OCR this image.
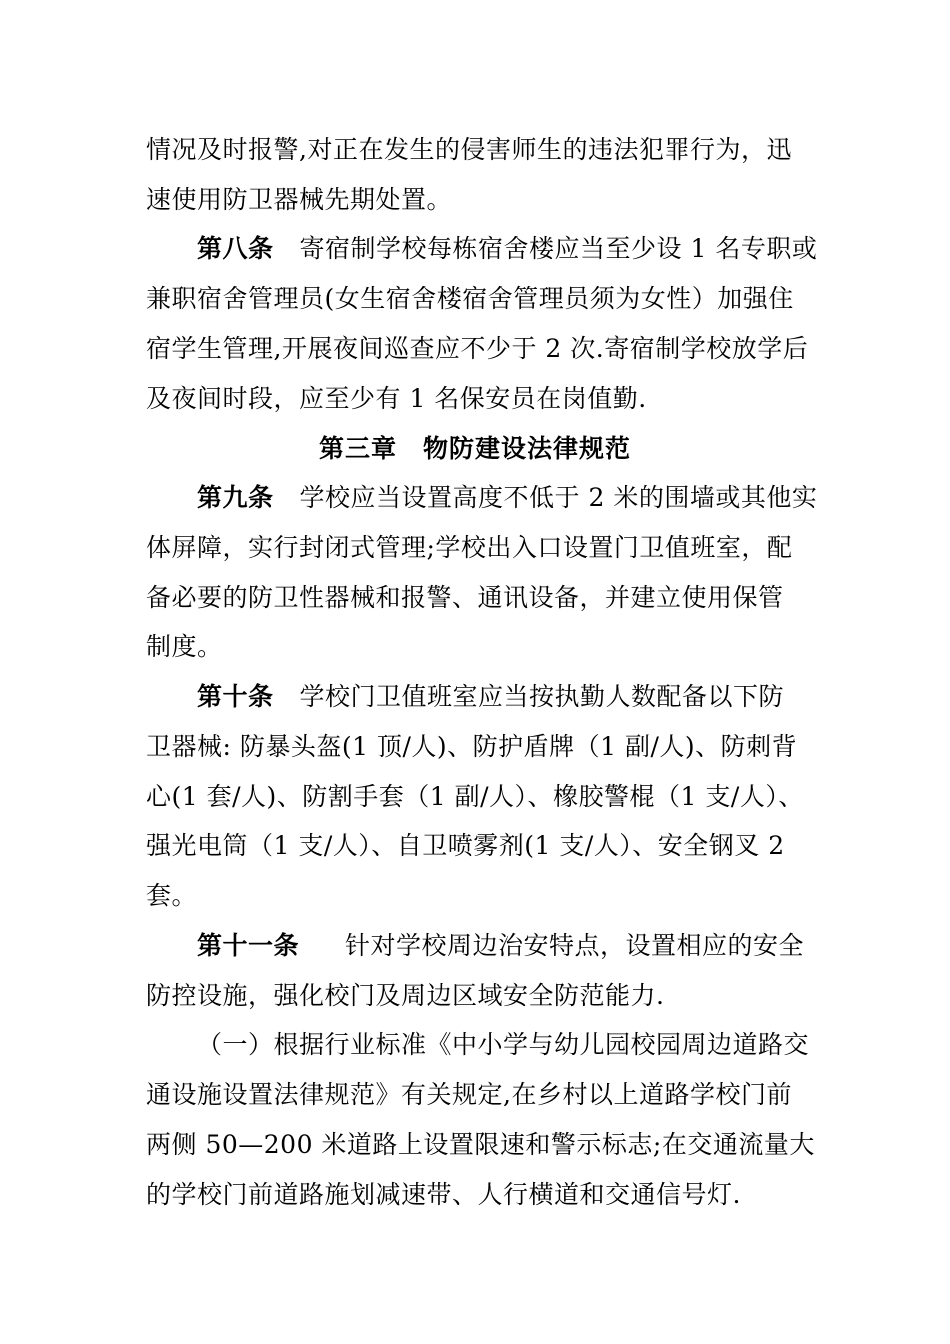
情况及时报警,对正在发生的侵害师生的违法犯罪行为，迅
速使用防卫器械先期处置。
第八条 寄宿制学校每栋宿舍楼应当至少设 1 名专职或
兼职宿舍管理员(女生宿舍楼宿舍管理员须为女性）加强住
宿学生管理,开展夜间巡查应不少于 2 次.寄宿制学校放学后
及夜间时段，应至少有 1 名保安员在岗值勤.
第三章　物防建设法律规范
第九条 学校应当设置高度不低于 2 米的围墙或其他实
体屏障，实行封闭式管理;学校出入口设置门卫值班室，配
备必要的防卫性器械和报警、通讯设备，并建立使用保管
制度。
第十条 学校门卫值班室应当按执勤人数配备以下防
卫器械: 防暴头盔(1 顶/人)、防护盾牌（1 副/人)、防刺背
心(1 套/人)、防割手套（1 副/人）、橡胶警棍（1 支/人）、
强光电筒（1 支/人）、自卫喷雾剂(1 支/人）、安全钢叉 2
套。
第十一条 针对学校周边治安特点，设置相应的安全
防控设施，强化校门及周边区域安全防范能力.
（一）根据行业标准《中小学与幼儿园校园周边道路交
通设施设置法律规范》有关规定,在乡村以上道路学校门前
两侧 50—200 米道路上设置限速和警示标志;在交通流量大
的学校门前道路施划减速带、人行横道和交通信号灯.
